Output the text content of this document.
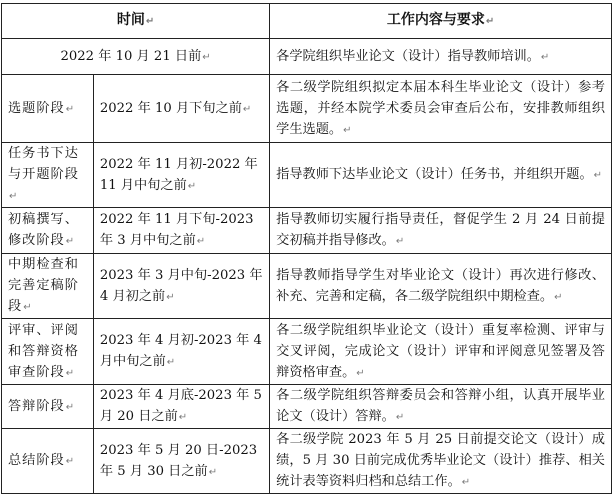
时间↵		工作内容与要求↵
2022 年 10 月 21 日前↵		各学院组织毕业论文（设计）指导教师培训。↵
选题阶段↵	2022 年 10 月下旬之前↵	各二级学院组织拟定本届本科生毕业论文（设计）参考选题，并经本院学术委员会审查后公布，安排教师组织学生选题。↵
任务书下达与开题阶段↵	2022 年 11 月初-2022 年 11 月中旬之前↵	指导教师下达毕业论文（设计）任务书，并组织开题。↵
初稿撰写、修改阶段↵	2022 年 11 月下旬-2023 年 3 月中旬之前↵	指导教师切实履行指导责任，督促学生 2 月 24 日前提交初稿并指导修改。↵
中期检查和完善定稿阶段↵	2023 年 3 月中旬-2023 年 4 月初之前↵	指导教师指导学生对毕业论文（设计）再次进行修改、补充、完善和定稿，各二级学院组织中期检查。↵
评审、评阅和答辩资格审查阶段↵	2023 年 4 月初-2023 年 4 月中旬之前↵	各二级学院组织毕业论文（设计）重复率检测、评审与交叉评阅，完成论文（设计）评审和评阅意见签署及答辩资格审查。↵
答辩阶段↵	2023 年 4 月底-2023 年 5 月 20 日之前↵	各二级学院组织答辩委员会和答辩小组，认真开展毕业论文（设计）答辩。↵
总结阶段↵	2023 年 5 月 20 日-2023 年 5 月 30 日之前↵	各二级学院 2023 年 5 月 25 日前提交论文（设计）成绩，5 月 30 日前完成优秀毕业论文（设计）推荐、相关统计表等资料归档和总结工作。↵
